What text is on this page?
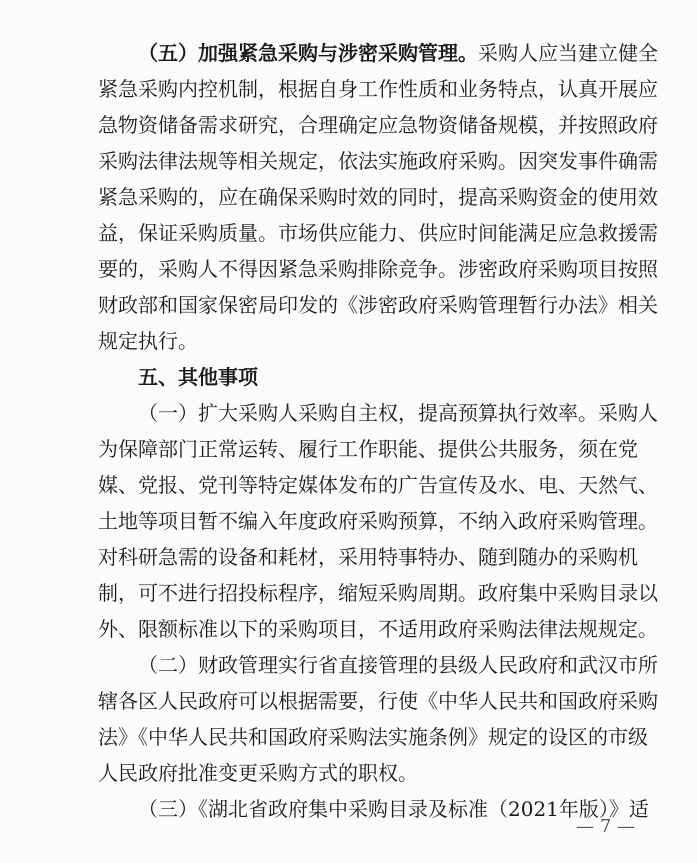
（五）加强紧急采购与涉密采购管理。采购人应当建立健全
紧急采购内控机制，根据自身工作性质和业务特点，认真开展应
急物资储备需求研究，合理确定应急物资储备规模，并按照政府
采购法律法规等相关规定，依法实施政府采购。因突发事件确需
紧急采购的，应在确保采购时效的同时，提高采购资金的使用效
益，保证采购质量。市场供应能力、供应时间能满足应急救援需
要的，采购人不得因紧急采购排除竞争。涉密政府采购项目按照
财政部和国家保密局印发的《涉密政府采购管理暂行办法》相关
规定执行。
五、其他事项
（一）扩大采购人采购自主权，提高预算执行效率。采购人
为保障部门正常运转、履行工作职能、提供公共服务，须在党
媒、党报、党刊等特定媒体发布的广告宣传及水、电、天然气、
土地等项目暂不编入年度政府采购预算，不纳入政府采购管理。
对科研急需的设备和耗材，采用特事特办、随到随办的采购机
制，可不进行招投标程序，缩短采购周期。政府集中采购目录以
外、限额标准以下的采购项目，不适用政府采购法律法规规定。
（二）财政管理实行省直接管理的县级人民政府和武汉市所
辖各区人民政府可以根据需要，行使《中华人民共和国政府采购
法》《中华人民共和国政府采购法实施条例》规定的设区的市级
人民政府批准变更采购方式的职权。
（三）《湖北省政府集中采购目录及标准（2021年版）》适
— 7 —
